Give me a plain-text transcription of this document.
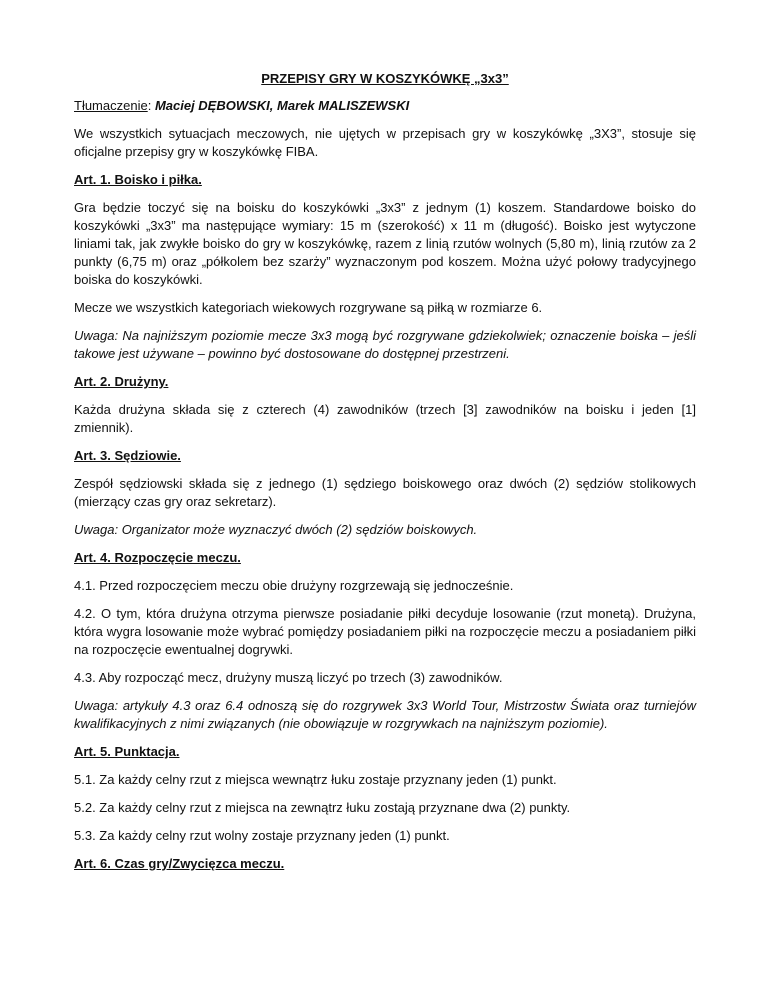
PRZEPISY GRY W KOSZYKÓWKĘ „3x3”

Tłumaczenie: Maciej DĘBOWSKI, Marek MALISZEWSKI

We wszystkich sytuacjach meczowych, nie ujętych w przepisach gry w koszykówkę „3X3”, stosuje się oficjalne przepisy gry w koszykówkę FIBA.

Art. 1. Boisko i piłka.

Gra będzie toczyć się na boisku do koszykówki „3x3” z jednym (1) koszem. Standardowe boisko do koszykówki „3x3” ma następujące wymiary: 15 m (szerokość) x 11 m (długość). Boisko jest wytyczone liniami tak, jak zwykłe boisko do gry w koszykówkę, razem z linią rzutów wolnych (5,80 m), linią rzutów za 2 punkty (6,75 m) oraz „półkolem bez szarży” wyznaczonym pod koszem. Można użyć połowy tradycyjnego boiska do koszykówki.

Mecze we wszystkich kategoriach wiekowych rozgrywane są piłką w rozmiarze 6.

Uwaga: Na najniższym poziomie mecze 3x3 mogą być rozgrywane gdziekolwiek; oznaczenie boiska – jeśli takowe jest używane – powinno być dostosowane do dostępnej przestrzeni.

Art. 2. Drużyny.

Każda drużyna składa się z czterech (4) zawodników (trzech [3] zawodników na boisku i jeden [1] zmiennik).

Art. 3. Sędziowie.

Zespół sędziowski składa się z jednego (1) sędziego boiskowego oraz dwóch (2) sędziów stolikowych (mierzący czas gry oraz sekretarz).

Uwaga: Organizator może wyznaczyć dwóch (2) sędziów boiskowych.

Art. 4. Rozpoczęcie meczu.

4.1. Przed rozpoczęciem meczu obie drużyny rozgrzewają się jednocześnie.

4.2. O tym, która drużyna otrzyma pierwsze posiadanie piłki decyduje losowanie (rzut monetą). Drużyna, która wygra losowanie może wybrać pomiędzy posiadaniem piłki na rozpoczęcie meczu a posiadaniem piłki na rozpoczęcie ewentualnej dogrywki.

4.3. Aby rozpocząć mecz, drużyny muszą liczyć po trzech (3) zawodników.

Uwaga: artykuły 4.3 oraz 6.4 odnoszą się do rozgrywek 3x3 World Tour, Mistrzostw Świata oraz turniejów kwalifikacyjnych z nimi związanych (nie obowiązuje w rozgrywkach na najniższym poziomie).

Art. 5. Punktacja.

5.1. Za każdy celny rzut z miejsca wewnątrz łuku zostaje przyznany jeden (1) punkt.

5.2. Za każdy celny rzut z miejsca na zewnątrz łuku zostają przyznane dwa (2) punkty.

5.3. Za każdy celny rzut wolny zostaje przyznany jeden (1) punkt.

Art. 6. Czas gry/Zwycięzca meczu.
